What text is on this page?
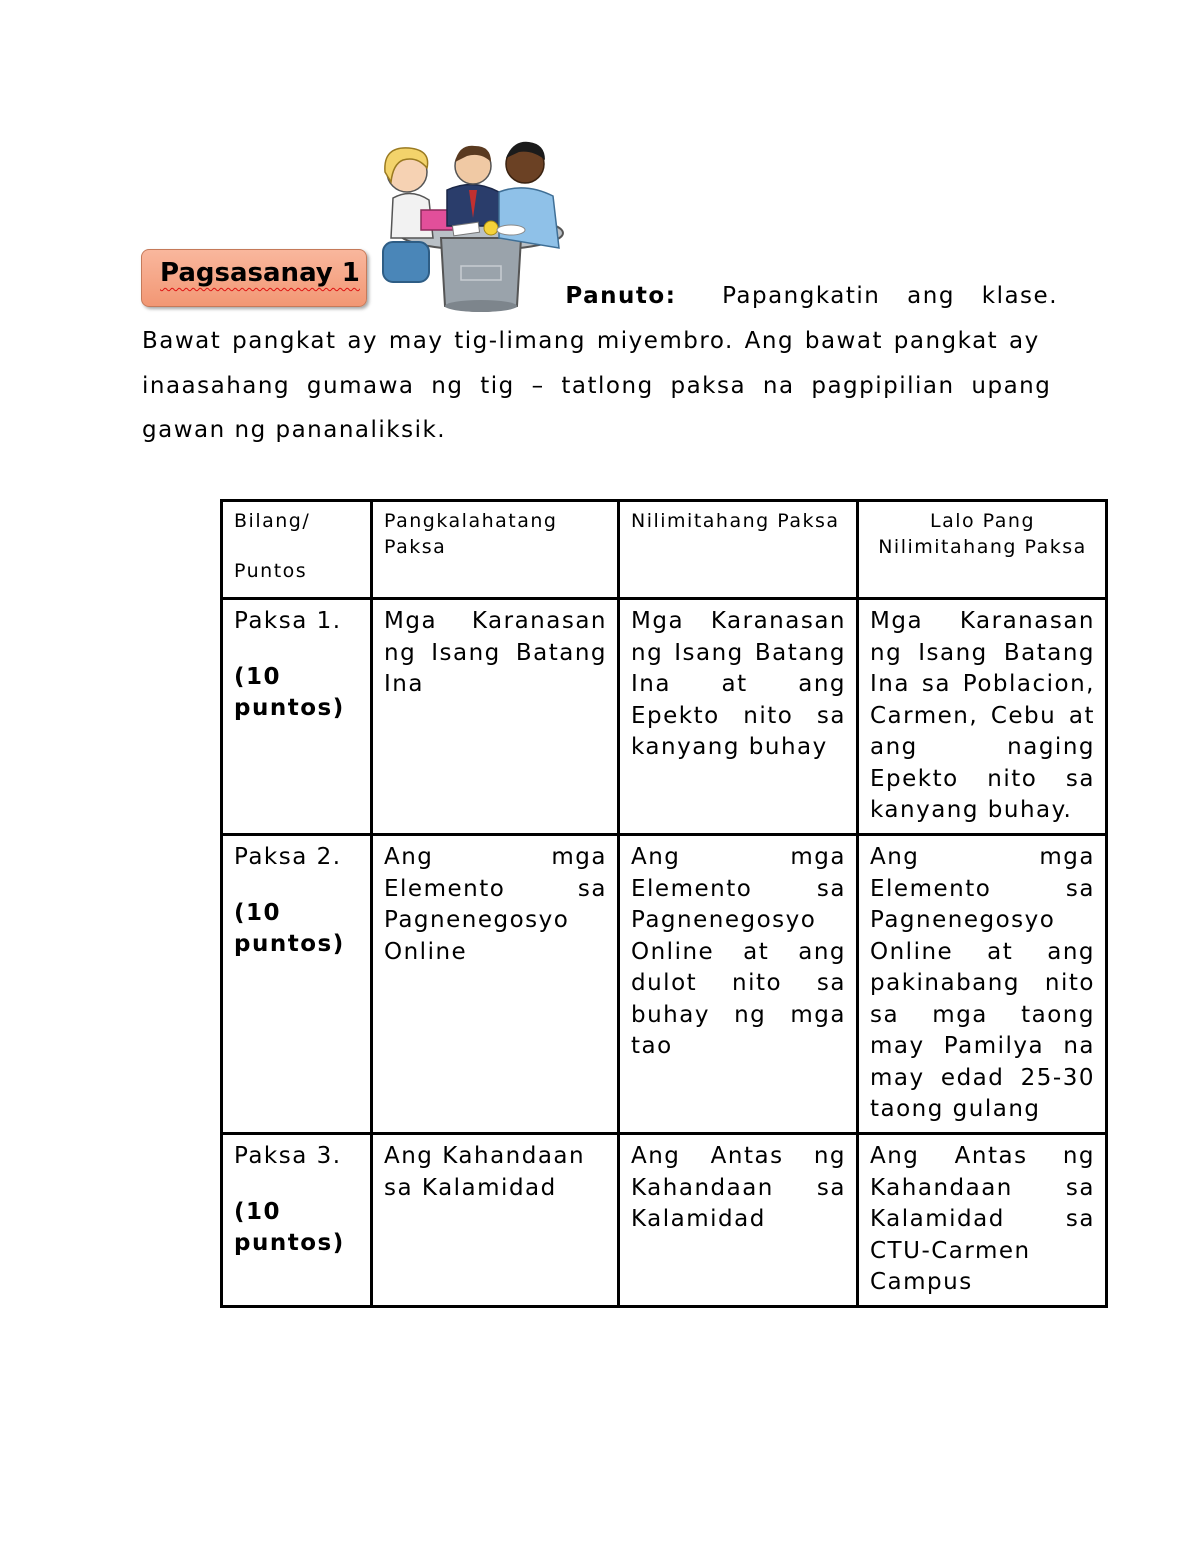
Pagsasanay 1
Panuto: Papangkatin ang klase.
Bawat pangkat ay may tig-limang miyembro. Ang bawat pangkat ay
inaasahang gumawa ng tig – tatlong paksa na pagpipilian upang
gawan ng pananaliksik.
Bilang/
Puntos	Pangkalahatang Paksa	Nilimitahang Paksa	Lalo Pang Nilimitahang Paksa
Paksa 1.
(10 puntos)	Mga Karanasan ng Isang Batang Ina	Mga Karanasan ng Isang Batang Ina at ang Epekto nito sa kanyang buhay	Mga Karanasan ng Isang Batang Ina sa Poblacion, Carmen, Cebu at ang naging Epekto nito sa kanyang buhay.
Paksa 2.
(10 puntos)	Ang mga Elemento sa Pagnenegosyo Online	Ang mga Elemento sa Pagnenegosyo Online at ang dulot nito sa buhay ng mga tao	Ang mga Elemento sa Pagnenegosyo Online at ang pakinabang nito sa mga taong may Pamilya na may edad 25-30 taong gulang
Paksa 3.
(10 puntos)	Ang Kahandaan sa Kalamidad	Ang Antas ng Kahandaan sa Kalamidad	Ang Antas ng Kahandaan sa Kalamidad sa CTU-Carmen Campus
